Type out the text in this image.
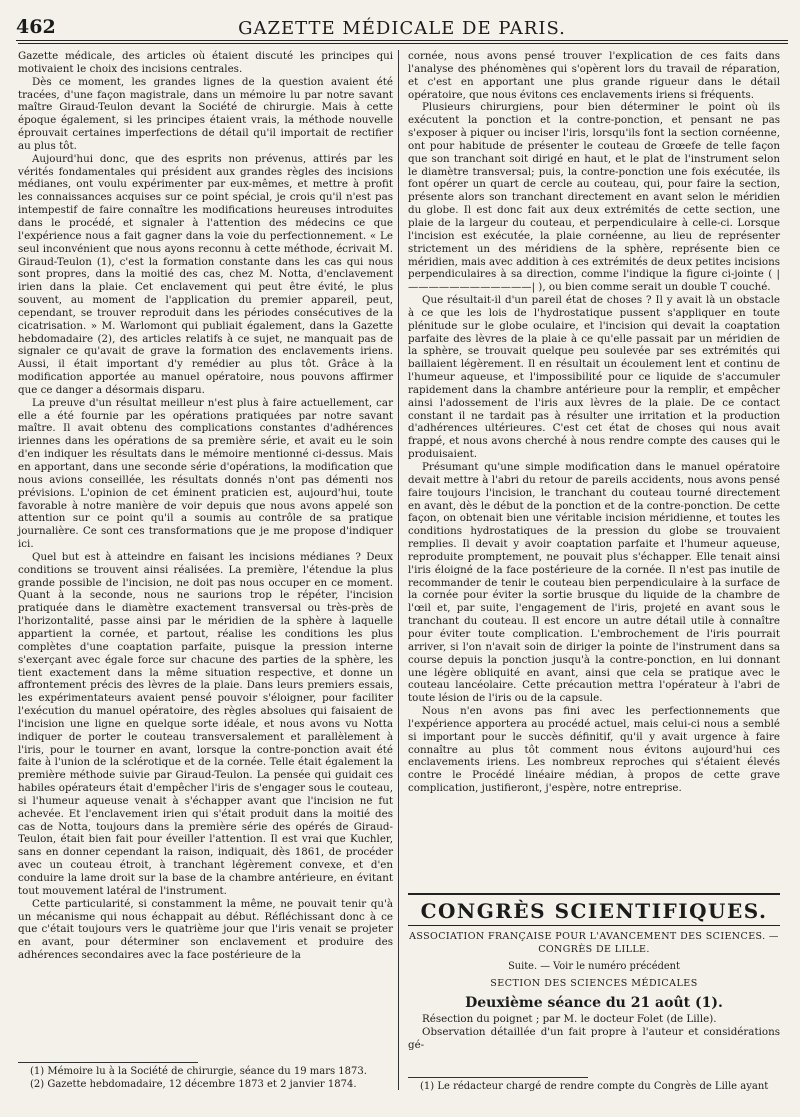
462	GAZETTE MÉDICALE DE PARIS.

Gazette médicale, des articles où étaient discuté les principes qui motivaient le choix des incisions centrales.

Dès ce moment, les grandes lignes de la question avaient été tracées, d'une façon magistrale, dans un mémoire lu par notre savant maître Giraud-Teulon devant la Société de chirurgie. Mais à cette époque également, si les principes étaient vrais, la méthode nouvelle éprouvait certaines imperfections de détail qu'il importait de rectifier au plus tôt.

Aujourd'hui donc, que des esprits non prévenus, attirés par les vérités fondamentales qui président aux grandes règles des incisions médianes, ont voulu expérimenter par eux-mêmes, et mettre à profit les connaissances acquises sur ce point spécial, je crois qu'il n'est pas intempestif de faire connaître les modifications heureuses introduites dans le procédé, et signaler à l'attention des médecins ce que l'expérience nous a fait gagner dans la voie du perfectionnement. « Le seul inconvénient que nous ayons reconnu à cette méthode, écrivait M. Giraud-Teulon (1), c'est la formation constante dans les cas qui nous sont propres, dans la moitié des cas, chez M. Notta, d'enclavement irien dans la plaie. Cet enclavement qui peut être évité, le plus souvent, au moment de l'application du premier appareil, peut, cependant, se trouver reproduit dans les périodes consécutives de la cicatrisation. » M. Warlomont qui publiait également, dans la Gazette hebdomadaire (2), des articles relatifs à ce sujet, ne manquait pas de signaler ce qu'avait de grave la formation des enclavements iriens. Aussi, il était important d'y remédier au plus tôt. Grâce à la modification apportée au manuel opératoire, nous pouvons affirmer que ce danger a désormais disparu.

La preuve d'un résultat meilleur n'est plus à faire actuellement, car elle a été fournie par les opérations pratiquées par notre savant maître. Il avait obtenu des complications constantes d'adhérences iriennes dans les opérations de sa première série, et avait eu le soin d'en indiquer les résultats dans le mémoire mentionné ci-dessus. Mais en apportant, dans une seconde série d'opérations, la modification que nous avions conseillée, les résultats donnés n'ont pas démenti nos prévisions. L'opinion de cet éminent praticien est, aujourd'hui, toute favorable à notre manière de voir depuis que nous avons appelé son attention sur ce point qu'il a soumis au contrôle de sa pratique journalière. Ce sont ces transformations que je me propose d'indiquer ici.

Quel but est à atteindre en faisant les incisions médianes ? Deux conditions se trouvent ainsi réalisées. La première, l'étendue la plus grande possible de l'incision, ne doit pas nous occuper en ce moment. Quant à la seconde, nous ne saurions trop le répéter, l'incision pratiquée dans le diamètre exactement transversal ou très-près de l'horizontalité, passe ainsi par le méridien de la sphère à laquelle appartient la cornée, et partout, réalise les conditions les plus complètes d'une coaptation parfaite, puisque la pression interne s'exerçant avec égale force sur chacune des parties de la sphère, les tient exactement dans la même situation respective, et donne un affrontement précis des lèvres de la plaie. Dans leurs premiers essais, les expérimentateurs avaient pensé pouvoir s'éloigner, pour faciliter l'exécution du manuel opératoire, des règles absolues qui faisaient de l'incision une ligne en quelque sorte idéale, et nous avons vu Notta indiquer de porter le couteau transversalement et parallèlement à l'iris, pour le tourner en avant, lorsque la contre-ponction avait été faite à l'union de la sclérotique et de la cornée. Telle était également la première méthode suivie par Giraud-Teulon. La pensée qui guidait ces habiles opérateurs était d'empêcher l'iris de s'engager sous le couteau, si l'humeur aqueuse venait à s'échapper avant que l'incision ne fut achevée. Et l'enclavement irien qui s'était produit dans la moitié des cas de Notta, toujours dans la première série des opérés de Giraud-Teulon, était bien fait pour éveiller l'attention. Il est vrai que Kuchler, sans en donner cependant la raison, indiquait, dès 1861, de procéder avec un couteau étroit, à tranchant légèrement convexe, et d'en conduire la lame droit sur la base de la chambre antérieure, en évitant tout mouvement latéral de l'instrument.

Cette particularité, si constamment la même, ne pouvait tenir qu'à un mécanisme qui nous échappait au début. Réfléchissant donc à ce que c'était toujours vers le quatrième jour que l'iris venait se projeter en avant, pour déterminer son enclavement et produire des adhérences secondaires avec la face postérieure de la

(1) Mémoire lu à la Société de chirurgie, séance du 19 mars 1873.
(2) Gazette hebdomadaire, 12 décembre 1873 et 2 janvier 1874.

cornée, nous avons pensé trouver l'explication de ces faits dans l'analyse des phénomènes qui s'opèrent lors du travail de réparation, et c'est en apportant une plus grande rigueur dans le détail opératoire, que nous évitons ces enclavements iriens si fréquents.

Plusieurs chirurgiens, pour bien déterminer le point où ils exécutent la ponction et la contre-ponction, et pensant ne pas s'exposer à piquer ou inciser l'iris, lorsqu'ils font la section cornéenne, ont pour habitude de présenter le couteau de Grœefe de telle façon que son tranchant soit dirigé en haut, et le plat de l'instrument selon le diamètre transversal; puis, la contre-ponction une fois exécutée, ils font opérer un quart de cercle au couteau, qui, pour faire la section, présente alors son tranchant directement en avant selon le méridien du globe. Il est donc fait aux deux extrémités de cette section, une plaie de la largeur du couteau, et perpendiculaire à celle-ci. Lorsque l'incision est exécutée, la plaie cornéenne, au lieu de représenter strictement un des méridiens de la sphère, représente bien ce méridien, mais avec addition à ces extrémités de deux petites incisions perpendiculaires à sa direction, comme l'indique la figure ci-jointe ( |————————————| ), ou bien comme serait un double T couché.

Que résultait-il d'un pareil état de choses ? Il y avait là un obstacle à ce que les lois de l'hydrostatique pussent s'appliquer en toute plénitude sur le globe oculaire, et l'incision qui devait la coaptation parfaite des lèvres de la plaie à ce qu'elle passait par un méridien de la sphère, se trouvait quelque peu soulevée par ses extrémités qui baillaient légèrement. Il en résultait un écoulement lent et continu de l'humeur aqueuse, et l'impossibilité pour ce liquide de s'accumuler rapidement dans la chambre antérieure pour la remplir, et empêcher ainsi l'adossement de l'iris aux lèvres de la plaie. De ce contact constant il ne tardait pas à résulter une irritation et la production d'adhérences ultérieures. C'est cet état de choses qui nous avait frappé, et nous avons cherché à nous rendre compte des causes qui le produisaient.

Présumant qu'une simple modification dans le manuel opératoire devait mettre à l'abri du retour de pareils accidents, nous avons pensé faire toujours l'incision, le tranchant du couteau tourné directement en avant, dès le début de la ponction et de la contre-ponction. De cette façon, on obtenait bien une véritable incision méridienne, et toutes les conditions hydrostatiques de la pression du globe se trouvaient remplies. Il devait y avoir coaptation parfaite et l'humeur aqueuse, reproduite promptement, ne pouvait plus s'échapper. Elle tenait ainsi l'iris éloigné de la face postérieure de la cornée. Il n'est pas inutile de recommander de tenir le couteau bien perpendiculaire à la surface de la cornée pour éviter la sortie brusque du liquide de la chambre de l'œil et, par suite, l'engagement de l'iris, projeté en avant sous le tranchant du couteau. Il est encore un autre détail utile à connaître pour éviter toute complication. L'embrochement de l'iris pourrait arriver, si l'on n'avait soin de diriger la pointe de l'instrument dans sa course depuis la ponction jusqu'à la contre-ponction, en lui donnant une légère obliquité en avant, ainsi que cela se pratique avec le couteau lancéolaire. Cette précaution mettra l'opérateur à l'abri de toute lésion de l'iris ou de la capsule.

Nous n'en avons pas fini avec les perfectionnements que l'expérience apportera au procédé actuel, mais celui-ci nous a semblé si important pour le succès définitif, qu'il y avait urgence à faire connaître au plus tôt comment nous évitons aujourd'hui ces enclavements iriens. Les nombreux reproches qui s'étaient élevés contre le Procédé linéaire médian, à propos de cette grave complication, justifieront, j'espère, notre entreprise.

CONGRÈS SCIENTIFIQUES.
ASSOCIATION FRANÇAISE POUR L'AVANCEMENT DES SCIENCES. — CONGRÈS DE LILLE.
Suite. — Voir le numéro précédent
SECTION DES SCIENCES MÉDICALES
Deuxième séance du 21 août (1).

Résection du poignet ; par M. le docteur Folet (de Lille).

Observation détaillée d'un fait propre à l'auteur et considérations gé-

(1) Le rédacteur chargé de rendre compte du Congrès de Lille ayant
